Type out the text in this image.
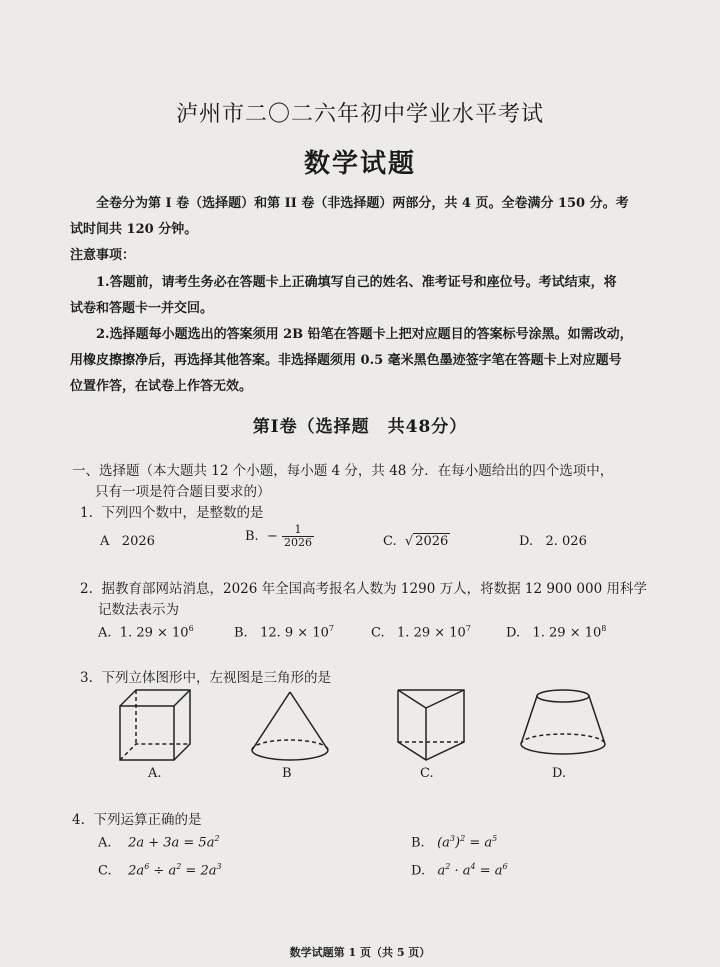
泸州市二〇二六年初中学业水平考试
数学试题
全卷分为第 I 卷（选择题）和第 II 卷（非选择题）两部分，共 4 页。全卷满分 150 分。考
试时间共 120 分钟。
注意事项：
1.答题前，请考生务必在答题卡上正确填写自己的姓名、准考证号和座位号。考试结束，将
试卷和答题卡一并交回。
2.选择题每小题选出的答案须用 2B 铅笔在答题卡上把对应题目的答案标号涂黑。如需改动，
用橡皮擦擦净后，再选择其他答案。非选择题须用 0.5 毫米黑色墨迹签字笔在答题卡上对应题号
位置作答，在试卷上作答无效。
第Ⅰ卷（选择题　共48分）
一、选择题（本大题共 12 个小题，每小题 4 分，共 48 分．在每小题给出的四个选项中，
只有一项是符合题目要求的）
1. 下列四个数中，是整数的是
A 2026	B. − $\frac{1}{2026}$	C. √ 2026	D. 2. 026
2. 据教育部网站消息，2026 年全国高考报名人数为 1290 万人，将数据 12 900 000 用科学
记数法表示为
A. 1. $29 \times 10^6$	B. 12. $9 \times 10^7$	C. 1. $29 \times 10^7$	D. 1. $29 \times 10^8$
3. 下列立体图形中，左视图是三角形的是
A.	B	C.	D.
4. 下列运算正确的是
A. $2a + 3a = 5a^2$	B. $(a^3)^2 = a^5$
C. $2a^6 \div a^2 = 2a^3$	D. $a^2 \cdot a^4 = a^6$
数学试题第 1 页（共 5 页）
